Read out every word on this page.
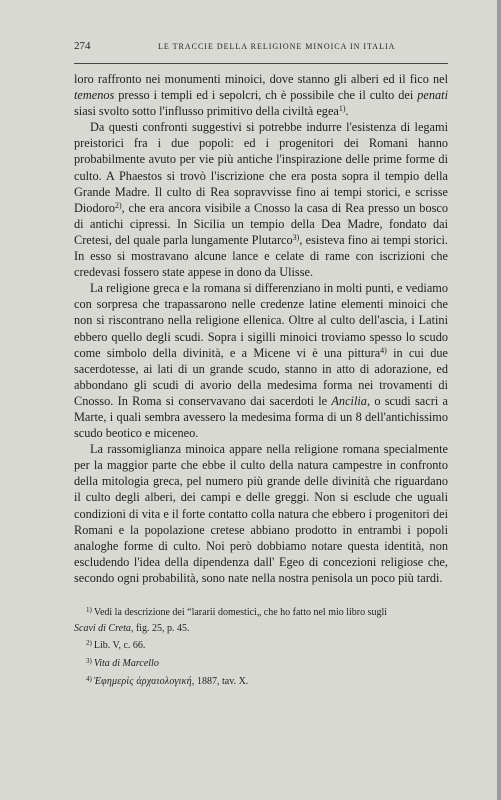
274	LE TRACCIE DELLA RELIGIONE MINOICA IN ITALIA

loro raffronto nei monumenti minoici, dove stanno gli alberi ed il fico nel temenos presso i templi ed i sepolcri, ch è possibile che il culto dei penati siasi svolto sotto l'influsso primitivo della civiltà egea$^{1)}$.

Da questi confronti suggestivi si potrebbe indurre l'esistenza di legami preistorici fra i due popoli: ed i progenitori dei Romani hanno probabilmente avuto per vie più antiche l'inspirazione delle prime forme di culto. A Phaestos si trovò l'iscrizione che era posta sopra il tempio della Grande Madre. Il culto di Rea sopravvisse fino ai tempi storici, e scrisse Diodoro$^{2)}$, che era ancora visibile a Cnosso la casa di Rea presso un bosco di antichi cipressi. In Sicilia un tempio della Dea Madre, fondato dai Cretesi, del quale parla lungamente Plutarco$^{3)}$, esisteva fino ai tempi storici. In esso si mostravano alcune lance e celate di rame con iscrizioni che credevasi fossero state appese in dono da Ulisse.

La religione greca e la romana si differenziano in molti punti, e vediamo con sorpresa che trapassarono nelle credenze latine elementi minoici che non si riscontrano nella religione ellenica. Oltre al culto dell'ascia, i Latini ebbero quello degli scudi. Sopra i sigilli minoici troviamo spesso lo scudo come simbolo della divinità, e a Micene vi è una pittura$^{4)}$ in cui due sacerdotesse, ai lati di un grande scudo, stanno in atto di adorazione, ed abbondano gli scudi di avorio della medesima forma nei trovamenti di Cnosso. In Roma si conservavano dai sacerdoti le Ancilia, o scudi sacri a Marte, i quali sembra avessero la medesima forma di un 8 dell'antichissimo scudo beotico e miceneo.

La rassomiglianza minoica appare nella religione romana specialmente per la maggior parte che ebbe il culto della natura campestre in confronto della mitologia greca, pel numero più grande delle divinità che riguardano il culto degli alberi, dei campi e delle greggi. Non si esclude che uguali condizioni di vita e il forte contatto colla natura che ebbero i progenitori dei Romani e la popolazione cretese abbiano prodotto in entrambi i popoli analoghe forme di culto. Noi però dobbiamo notare questa identità, non escludendo l'idea della dipendenza dall' Egeo di concezioni religiose che, secondo ogni probabilità, sono nate nella nostra penisola un poco più tardi.

$^{1)}$ Vedi la descrizione dei “lararii domestici„ che ho fatto nel mio libro sugli
Scavi di Creta, fig. 25, p. 45.
$^{2)}$ Lib. V, c. 66.
$^{3)}$ Vita di Marcello
$^{4)}$ Ἐφημερὶς ἀρχαιολογική, 1887, tav. X.
